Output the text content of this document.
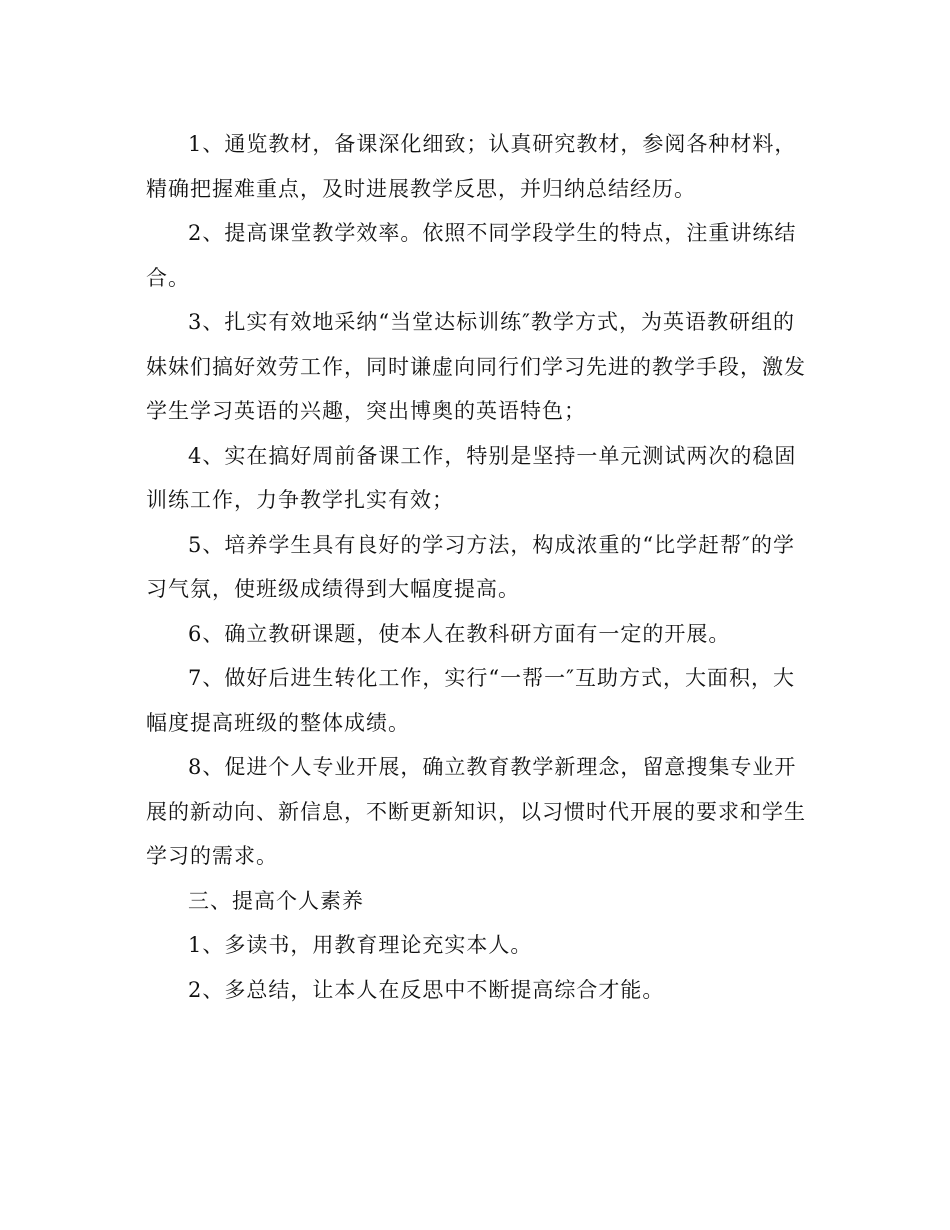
1、通览教材，备课深化细致；认真研究教材，参阅各种材料，精确把握难重点，及时进展教学反思，并归纳总结经历。

2、提高课堂教学效率。依照不同学段学生的特点，注重讲练结合。

3、扎实有效地采纳“当堂达标训练″教学方式，为英语教研组的妹妹们搞好效劳工作，同时谦虚向同行们学习先进的教学手段，激发学生学习英语的兴趣，突出博奥的英语特色；

4、实在搞好周前备课工作，特别是坚持一单元测试两次的稳固训练工作，力争教学扎实有效；

5、培养学生具有良好的学习方法，构成浓重的“比学赶帮″的学习气氛，使班级成绩得到大幅度提高。

6、确立教研课题，使本人在教科研方面有一定的开展。

7、做好后进生转化工作，实行“一帮一″互助方式，大面积，大幅度提高班级的整体成绩。

8、促进个人专业开展，确立教育教学新理念，留意搜集专业开展的新动向、新信息，不断更新知识，以习惯时代开展的要求和学生学习的需求。

三、提高个人素养

1、多读书，用教育理论充实本人。

2、多总结，让本人在反思中不断提高综合才能。
